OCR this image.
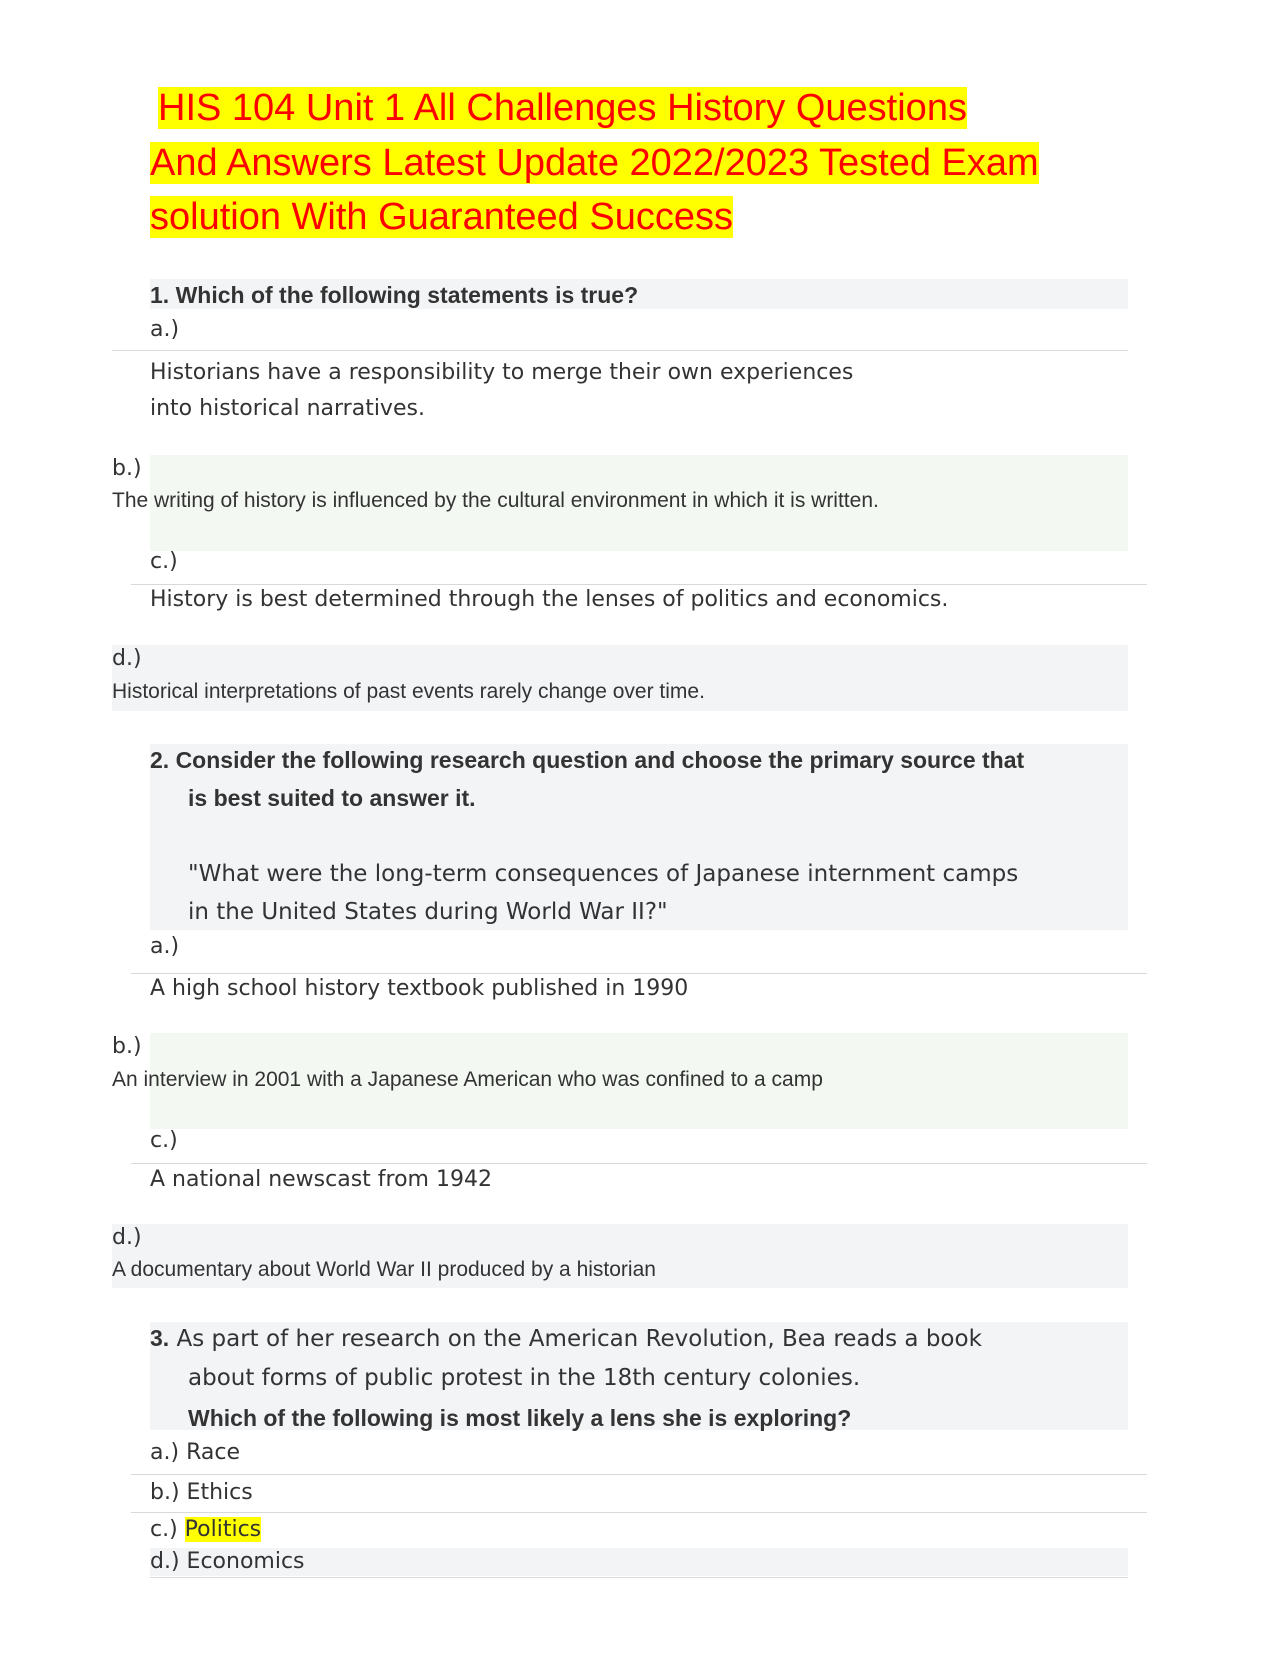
HIS 104 Unit 1 All Challenges History Questions
And Answers Latest Update 2022/2023 Tested Exam
solution With Guaranteed Success
1. Which of the following statements is true?
a.)
Historians have a responsibility to merge their own experiences
into historical narratives.
b.)
The writing of history is influenced by the cultural environment in which it is written.
c.)
History is best determined through the lenses of politics and economics.
d.)
Historical interpretations of past events rarely change over time.
2. Consider the following research question and choose the primary source that
is best suited to answer it.
"What were the long-term consequences of Japanese internment camps
in the United States during World War II?"
a.)
A high school history textbook published in 1990
b.)
An interview in 2001 with a Japanese American who was confined to a camp
c.)
A national newscast from 1942
d.)
A documentary about World War II produced by a historian
3. As part of her research on the American Revolution, Bea reads a book
about forms of public protest in the 18th century colonies.
Which of the following is most likely a lens she is exploring?
a.) Race
b.) Ethics
c.) Politics
d.) Economics
